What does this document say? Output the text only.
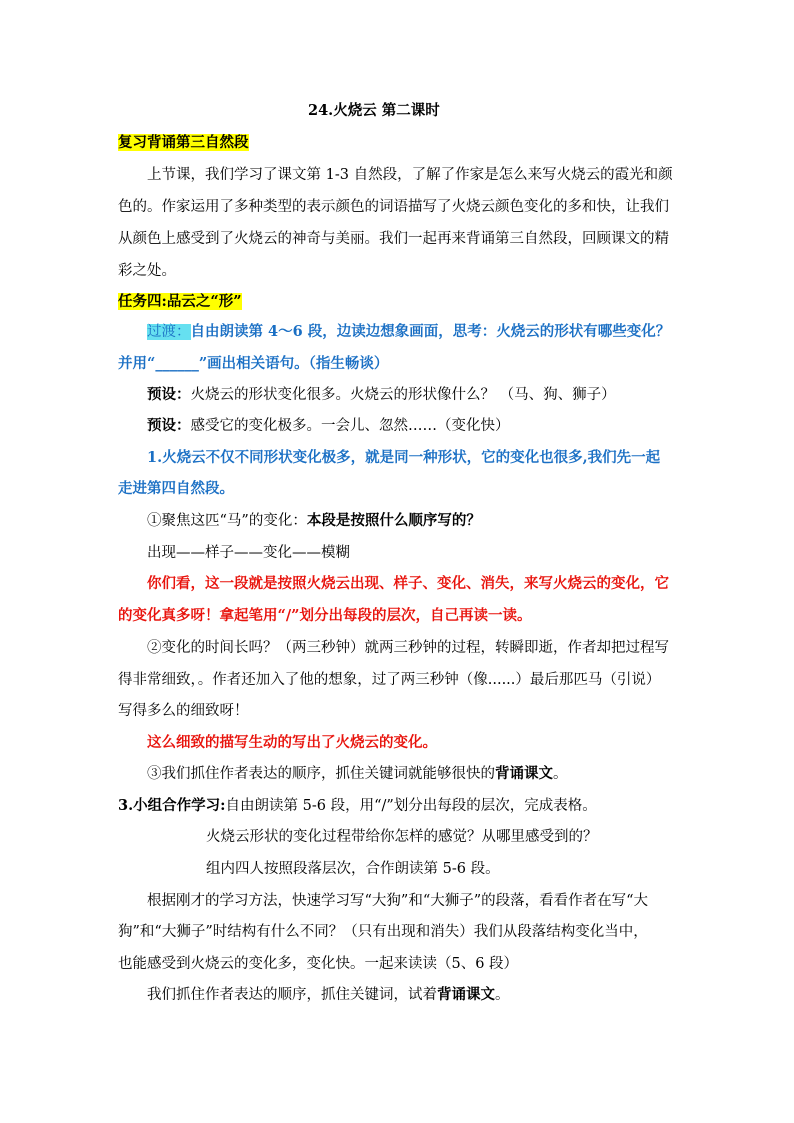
24.火烧云 第二课时
复习背诵第三自然段
上节课，我们学习了课文第 1-3 自然段，了解了作家是怎么来写火烧云的霞光和颜
色的。作家运用了多种类型的表示颜色的词语描写了火烧云颜色变化的多和快，让我们
从颜色上感受到了火烧云的神奇与美丽。我们一起再来背诵第三自然段，回顾课文的精
彩之处。
任务四:品云之“形”
过渡：自由朗读第 4～6 段，边读边想象画面，思考：火烧云的形状有哪些变化？
并用“______”画出相关语句。（指生畅谈）
预设：火烧云的形状变化很多。火烧云的形状像什么？ （马、狗、狮子）
预设：感受它的变化极多。一会儿、忽然……（变化快）
1.火烧云不仅不同形状变化极多，就是同一种形状，它的变化也很多,我们先一起
走进第四自然段。
①聚焦这匹“马”的变化：本段是按照什么顺序写的？
出现——样子——变化——模糊
你们看，这一段就是按照火烧云出现、样子、变化、消失，来写火烧云的变化，它
的变化真多呀！拿起笔用“/”划分出每段的层次，自己再读一读。
②变化的时间长吗？（两三秒钟）就两三秒钟的过程，转瞬即逝，作者却把过程写
得非常细致，。作者还加入了他的想象，过了两三秒钟（像......）最后那匹马（引说）
写得多么的细致呀！
这么细致的描写生动的写出了火烧云的变化。
③我们抓住作者表达的顺序，抓住关键词就能够很快的背诵课文。
3.小组合作学习:自由朗读第 5-6 段，用“/”划分出每段的层次，完成表格。
火烧云形状的变化过程带给你怎样的感觉？从哪里感受到的？
组内四人按照段落层次，合作朗读第 5-6 段。
根据刚才的学习方法，快速学习写“大狗”和“大狮子”的段落，看看作者在写“大
狗”和“大狮子”时结构有什么不同？（只有出现和消失）我们从段落结构变化当中，
也能感受到火烧云的变化多，变化快。一起来读读（5、6 段）
我们抓住作者表达的顺序，抓住关键词，试着背诵课文。
